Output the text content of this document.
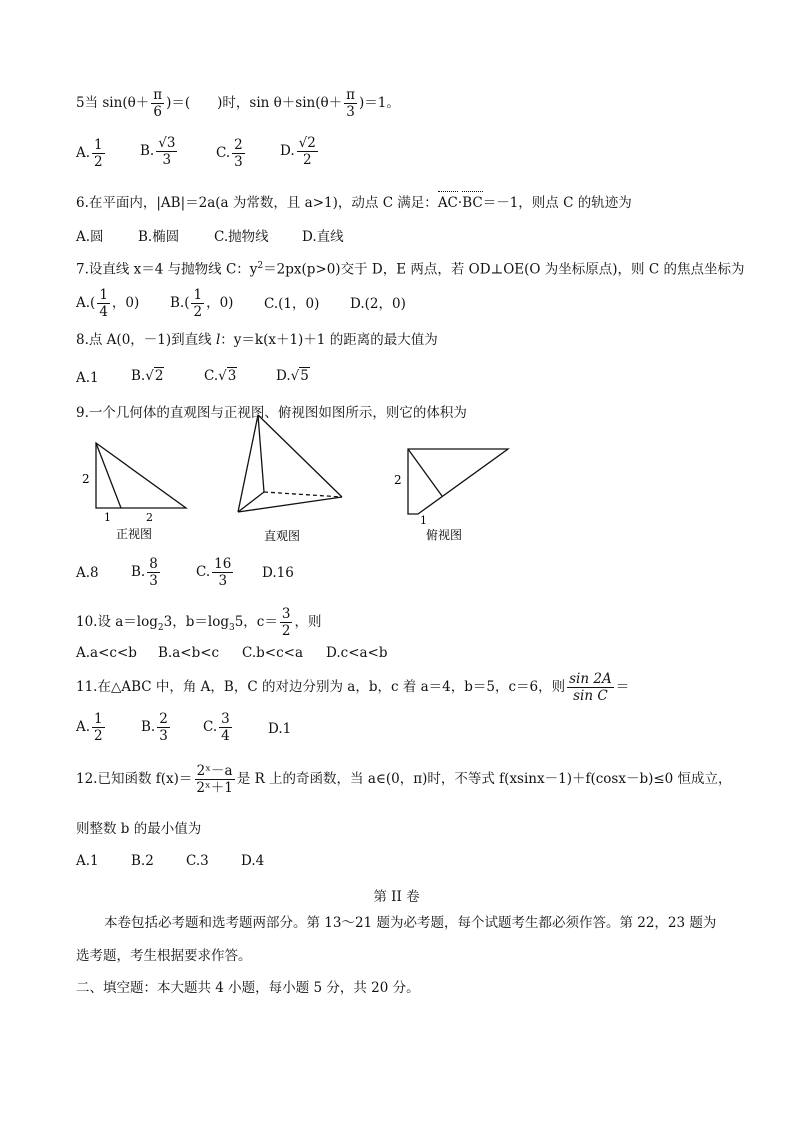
5当 $\sin(\theta+ \frac{\pi}{6}$ )＝(　　 )时，$\sin \theta+\sin(\theta+ \frac{\pi}{3} )=1$。
A. $\frac{1}{2}$	B. $\frac{√3}{3}$	C. $\frac{2}{3}$	D. $\frac{√2}{2}$
6.在平面内，|AB|＝2a(a 为常数，且 a>1)，动点 C 满足：
AC·
BC＝－1，则点 C 的轨迹为
A.圆	B.椭圆	C.抛物线 D.直线
7.设直线 x＝4 与抛物线 C：$y^2=2px(p>0)$交于 D，E 两点，若 OD⊥OE(O 为坐标原点)，则 C 的焦点坐标为
$A.( \frac{1}{4}$ ，0) $B.( \frac{1}{2}$ ，0) C.(1，0) D.(2，0)
8.点 A(0，－1)到直线 l：y＝k(x＋1)＋1 的距离的最大值为
A.1 B.√2	C.√3	D.√5
9.一个几何体的直观图与正视图、俯视图如图所示，则它的体积为
2
1	2
正视图	直观图
2
1
俯视图
A.8 B. $\frac{8}{3}$	C. $\frac{16}{3} D.16$
10.设 $a=\log_23$，$b=\log_35$，$c= \frac{3}{2}$ ，则
A.a<c<b B.a<b<c C.b<c<a D.c<a<b
11.在△ABC 中，角 A，B，C 的对边分别为 a，b，c 着 a＝4，b＝5，c＝6，则 $\frac{\sin 2A}{\text{sin C}}$ ＝
A. $\frac{1}{2}$	B. $\frac{2}{3} C$. $\frac{3}{4}$	D.1
12.已知函数 $f(x)= \frac{\text{2ˣ－a}}{\text{2ˣ＋1}}$ 是 R 上的奇函数，当 a∈(0，π)时，不等式 f(xsinx－1)＋f(cosx－b)≤0 恒成立，
则整数 b 的最小值为
A.1 B.2 C.3 D.4
第 II 卷
本卷包括必考题和选考题两部分。第 13～21 题为必考题，每个试题考生都必须作答。第 22，23 题为
选考题，考生根据要求作答。
二、填空题：本大题共 4 小题，每小题 5 分，共 20 分。
